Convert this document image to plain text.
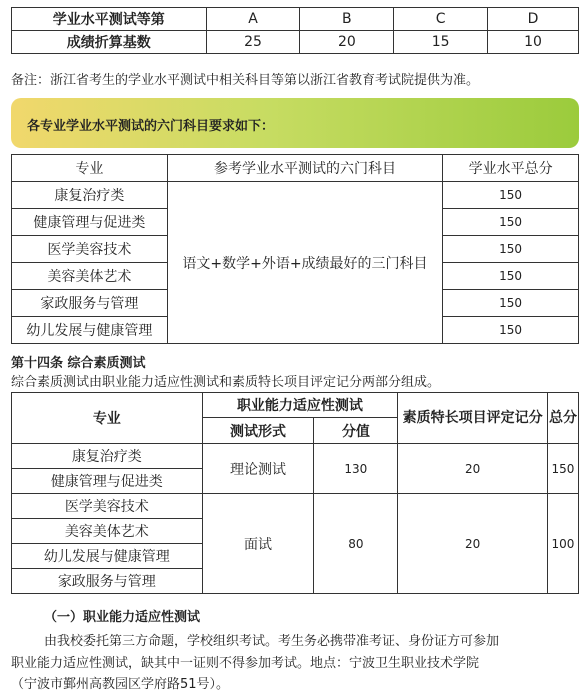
学业水平测试等第	A	B	C	D
成绩折算基数	25	20	15	10
备注：浙江省考生的学业水平测试中相关科目等第以浙江省教育考试院提供为准。
各专业学业水平测试的六门科目要求如下：
专业	参考学业水平测试的六门科目	学业水平总分
康复治疗类	语文+数学+外语+成绩最好的三门科目	150
健康管理与促进类		150
医学美容技术		150
美容美体艺术		150
家政服务与管理		150
幼儿发展与健康管理		150
第十四条 综合素质测试
综合素质测试由职业能力适应性测试和素质特长项目评定记分两部分组成。
专业	职业能力适应性测试		素质特长项目评定记分	总分
	测试形式	分值		
康复治疗类	理论测试	130	20	150
健康管理与促进类				
医学美容技术	面试	80	20	100
美容美体艺术				
幼儿发展与健康管理				
家政服务与管理				
（一）职业能力适应性测试
由我校委托第三方命题，学校组织考试。考生务必携带准考证、身份证方可参加
职业能力适应性测试，缺其中一证则不得参加考试。地点：宁波卫生职业技术学院
（宁波市鄞州高教园区学府路51号）。
